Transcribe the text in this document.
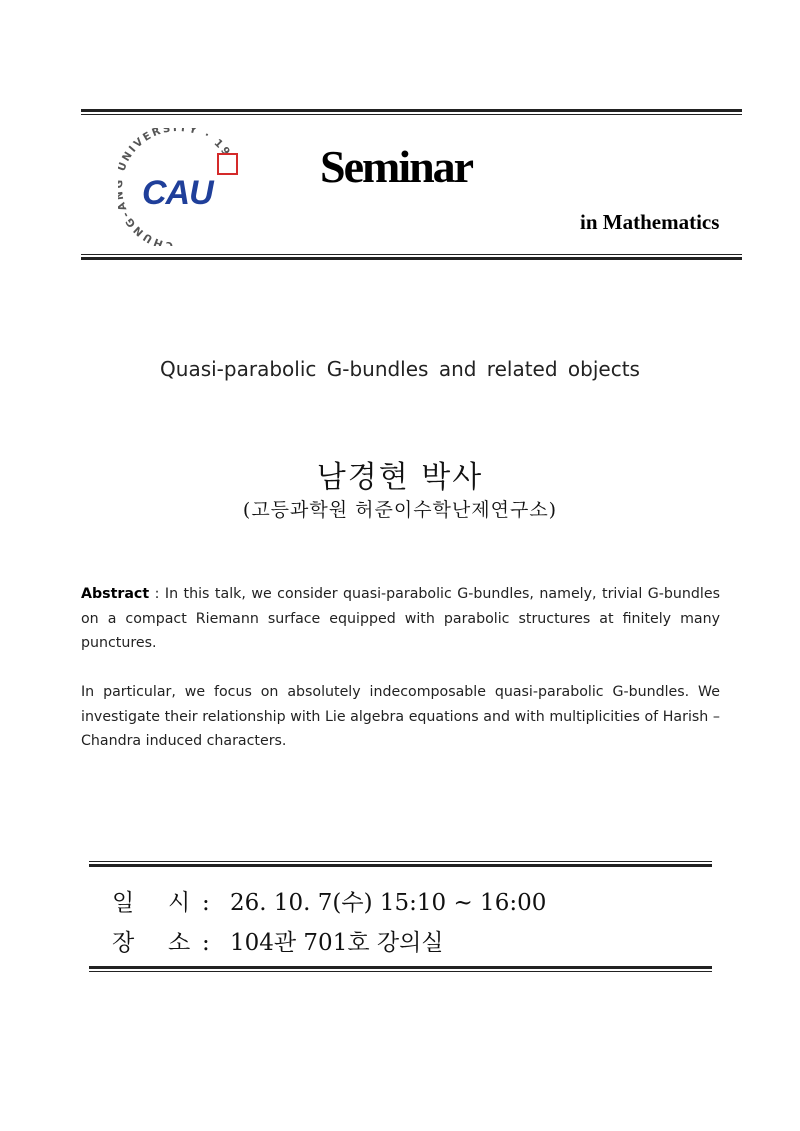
CHUNG- NIVERSITY · 19
CAU
Seminar
in Mathematics
Quasi-parabolic G-bundles and related objects
남경현 박사
(고등과학원 허준이수학난제연구소)
Abstract : In this talk, we consider quasi-parabolic G-bundles, namely, trivial G-bundles on a compact Riemann surface equipped with parabolic structures at finitely many punctures.
In particular, we focus on absolutely indecomposable quasi-parabolic G-bundles. We investigate their relationship with Lie algebra equations and with multiplicities of Harish –Chandra induced characters.
일 시 : 26. 10. 7(수) 15:10 ~ 16:00
장 소 : 104관 701호 강의실
